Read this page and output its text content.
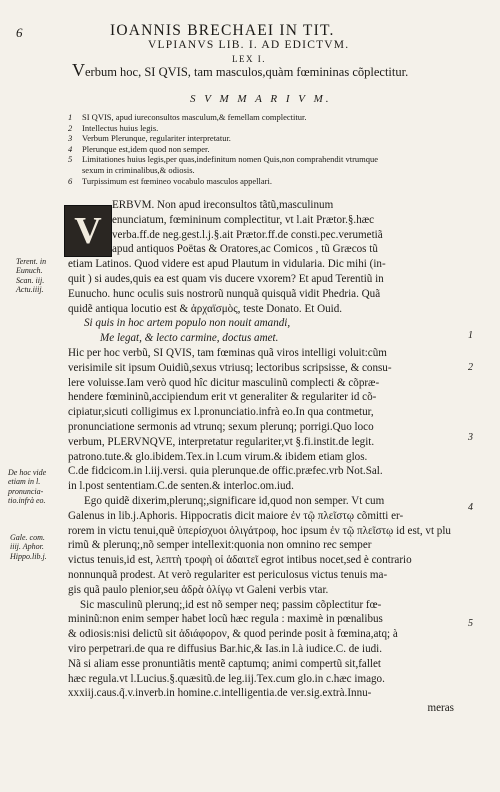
6	IOANNIS BRECHAEI IN TIT.
VLPIANVS LIB. I. AD EDICTVM.
LEX I.
Verbum hoc, SI QVIS, tam masculos,quàm fœmininas cõplectitur.
S V M M A R I V M.
1 SI QVIS, apud iureconsultos masculum,& femellam complectitur.
2 Intellectus huius legis.
3 Verbum Plerunque, regulariter interpretatur.
4 Plerunque est,idem quod non semper.
5 Limitationes huius legis,per quas,indefinitum nomen Quis,non comprahendit vtrumque
sexum in criminalibus,& odiosis.
6 Turpissimum est fœmineo vocabulo masculos appellari.
V
ERBVM. Non apud ireconsultos tãtũ,masculinum
enunciatum, fœmininum complectitur, vt l.ait Prætor.§.hæc
verba.ff.de neg.gest.l.j.§.ait Prætor.ff.de consti.pec.verumetiã
apud antiquos Poëtas & Oratores,ac Comicos , tũ Græcos tũ
etiam Latinos. Quod videre est apud Plautum in vidularia. Dic mihi (in-
quit ) si audes,quis ea est quam vis ducere vxorem? Et apud Terentiũ in
Eunucho. hunc oculis suis nostrorũ nunquã quisquã vidit Phedria. Quã
quidẽ antiqua locutio est & ἀρχαϊσμὸς, teste Donato. Et Ouid.
Si quis in hoc artem populo non nouit amandi,
Me legat, & lecto carmine, doctus amet.
Hic per hoc verbũ, SI QVIS, tam fœminas quã viros intelligi voluit:cũm
verisimile sit ipsum Ouidiũ,sexus vtriusq; lectoribus scripsisse, & consu-
lere voluisse.Iam verò quod hîc dicitur masculinũ complecti & cõpræ-
hendere fœmininũ,accipiendum erit vt generaliter & regulariter id cõ-
cipiatur,sicuti colligimus ex l.pronunciatio.infrà eo.In qua contmetur,
pronunciatione sermonis ad vtrunq; sexum plerunq; porrigi.Quo loco
verbum, PLERVNQVE, interpretatur regulariter,vt §.fi.instit.de legit.
patrono.tute.& glo.ibidem.Tex.in l.cum virum.& ibidem etiam glos.
C.de fidcicom.in l.iij.versi. quia plerunque.de offic.præfec.vrb Not.Sal.
in l.post sententiam.C.de senten.& interloc.om.iud.
Ego quidẽ dixerim,plerunq;,significare id,quod non semper. Vt cum
Galenus in lib.j.Aphoris. Hippocratis dicit maiore ἐν τῷ πλεῖστῳ cõmitti er-
rorem in victu tenui,quẽ ὑπερίσχυοι ὁλιγάτροφ, hoc ipsum ἐν τῷ πλεῖστῳ id est, vt plu
rimũ & plerunq;,nõ semper intellexit:quonia non omnino rec semper
victus tenuis,id est, λεπτὴ τροφὴ οἱ ἀδαιτεῖ egrot intibus nocet,sed è contrario
nonnunquã prodest. At verò regulariter est periculosus victus tenuis ma-
gis quã paulo plenior,seu ἀδρὰ ὀλίγῳ vt Galeni verbis vtar.
Sic masculinũ plerunq;,id est nõ semper neq; passim cõplectitur fœ-
mininũ:non enim semper habet locũ hæc regula : maximè in pœnalibus
& odiosis:nisi delictũ sit ἀδιάφορον, & quod perinde posit à fœmina,atq; à
viro perpetrari.de qua re diffusius Bar.hic,& Ias.in l.à iudice.C. de iudi.
Nã si aliam esse pronuntiãtis mentẽ captumq; animi compertũ sit,fallet
hæc regula.vt l.Lucius.§.quæsitũ.de leg.iij.Tex.cum glo.in c.hæc imago.
xxxiij.caus.q̃.v.inverb.in homine.c.intelligentia.de ver.sig.extrà.Innu-
meras
Terent. in
Eunuch.
Scan. iij.
Actu.iiij.
De hoc vide
etiam in l.
pronuncia-
tio.infrà eo.
Gale. com.
iiij. Aphor.
Hippo.lib.j.
1
2
3
4
5
